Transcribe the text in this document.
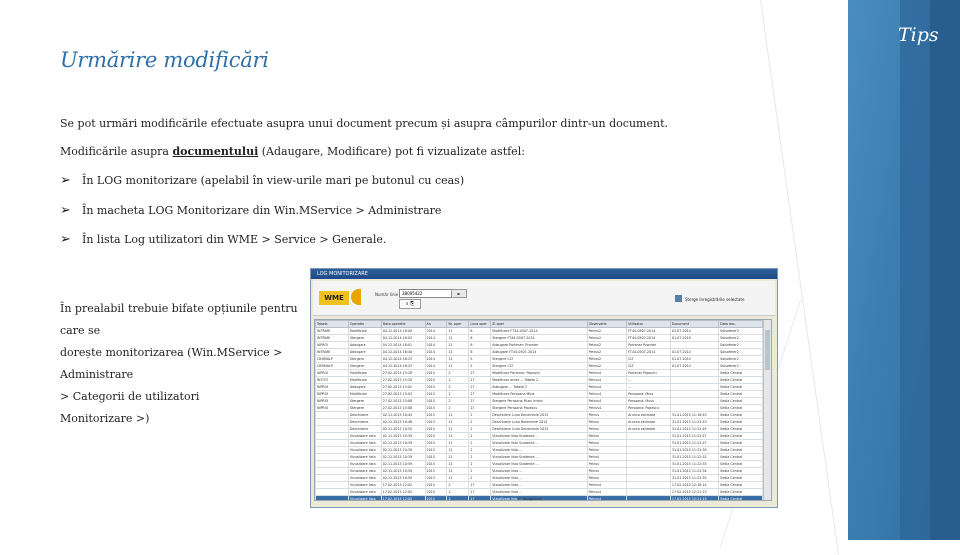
Tips
Urmărire modificări
Se pot urmări modificările efectuate asupra unui document precum și asupra câmpurilor dintr-un document.
Modificările asupra documentului (Adaugare, Modificare) pot fi vizualizate astfel:
➢ În LOG monitorizare (apelabil în view-urile mari pe butonul cu ceas)
➢ În macheta LOG Monitorizare din Win.MService > Administrare
➢ În lista Log utilizatori din WME > Service > Generale.
În prealabil trebuie bifate opțiunile pentru care se
dorește monitorizarea (Win.MService > Administrare
> Categorii de utilizatori
Monitorizare >)
LOG MONITORIZARE
WME	Număr linie 38095422	►
⌕ ⎘
Șterge înregistrările selectate
Tabela	Operatie	Data operatie	An	Nr. oper	Luna oper	Zi oper	Observatie	Utilizator	Document	Data doc.
INTRARI	Modificare	04.12.2014 18:09	2014	11	6	Modificare FT44-0507-2014	Petrus2	FT44-0507-2014	01.07.2014	Solsoferer2
INTRARI	Stergere	04.12.2014 18:03	2014	11	6	Stergere FT44-0507-2014	Petrus2	FT44-0507-2014	01.07.2014	Solsoferer2
IAPROI	Adaugare	04.12.2014 18:01	2014	11	6	Adaugare Partener: Promter	Petrus2	Partener Promter		Solsoferer2
INTRARI	Adaugare	04.12.2014 16:40	2014	11	6	Adaugare FT44-0507-2014	Petrus2	FT44-0507-2014	01.07.2014	Solsoferer2
CBHMALP	Stergere	04.12.2014 16:23	2014	11	5	Stergere CLT	Petrus2	CLT	01.07.2014	Solsoferer2
CBHMALP	Stergere	04.12.2014 16:23	2014	11	5	Stergere CLT	Petrus2	CLT	01.07.2014	Solsoferer2
IAPROI	Modificare	27.02.2015 15:28	2015	2	27	Modificare Partener: Popovici	Petrus4	Partener Popovici		Sedia Central
INTOTI	Modificare	27.02.2015 15:20	2015	2	27	Modificare antet ... Tabela 2	Petrus4	...		Sedia Central
NIPROI	Adaugare	27.02.2015 15:02	2015	2	27	Adaugare ... Tabela 2	Petrus4	...		Sedia Central
NIPROI	Modificare	27.02.2015 15:03	2015	2	27	Modificare Persoana Mina	Petrus4	Persoana: Mina		Sedia Central
NIPROI	Stergere	27.02.2015 15:08	2015	2	27	Stergere Persoana Musu Imbin	Petrus4	Persoana: Musu		Sedia Central
NIPROI	Stergere	27.02.2015 15:08	2015	2	27	Stergere Persoana Popescu	Petrus4	Persoana: Popescu		Sedia Central
	Deschidere	02.11.2015 10:43	2015	11	2	Deschidere Luna Decembrie 2015	Petrus	Arunca estimate	31.01.2015 11:18:43	Sedia Central
	Deschidere	02.11.2015 10:48	2015	11	2	Deschidere Luna Noiembrie 2015	Petrus	Arunca estimate	31.01.2015 11:22:43	Sedia Central
	Deschidere	02.11.2015 10:55	2015	11	2	Deschidere Luna Decembrie 2015	Petrus	Arunca estimate	31.01.2015 11:22:45	Sedia Central
	Vizualizare lista	02.11.2015 10:39	2015	11	2	Vizualizare lista Scadente ...	Petrus		31.01.2015 11:22:47	Sedia Central
	Vizualizare lista	02.11.2015 10:39	2015	11	2	Vizualizare lista Scadente ...	Petrus		31.01.2015 11:22:47	Sedia Central
	Vizualizare lista	02.11.2015 10:39	2015	11	2	Vizualizare lista ...	Petrus		31.01.2015 11:22:50	Sedia Central
	Vizualizare lista	02.11.2015 10:39	2015	11	2	Vizualizare lista Scadente ...	Petrus		31.01.2015 11:22:52	Sedia Central
	Vizualizare lista	02.11.2015 10:59	2015	11	2	Vizualizare lista Scadente ...	Petrus		31.01.2015 11:22:53	Sedia Central
	Vizualizare lista	02.11.2015 10:59	2015	11	2	Vizualizare lista ...	Petrus		31.01.2015 11:22:54	Sedia Central
	Vizualizare lista	02.11.2015 10:59	2015	11	2	Vizualizare lista ...	Petrus		31.01.2015 11:22:55	Sedia Central
	Vizualizare lista	17.02.2015 12:02	2015	2	17	Vizualizare lista ...	Petrus4		17.02.2015 12:18:14	Sedia Central
	Vizualizare lista	17.02.2015 12:05	2015	2	17	Vizualizare lista ...	Petrus4		17.02.2015 12:21:13	Sedia Central
	Vizualizare lista	17.02.2015 12:05	2015	2	17	Vizualizare lista ...	Petrus4		17.02.2015 12:21:15	Sedia Central
Nr. inregistrari
